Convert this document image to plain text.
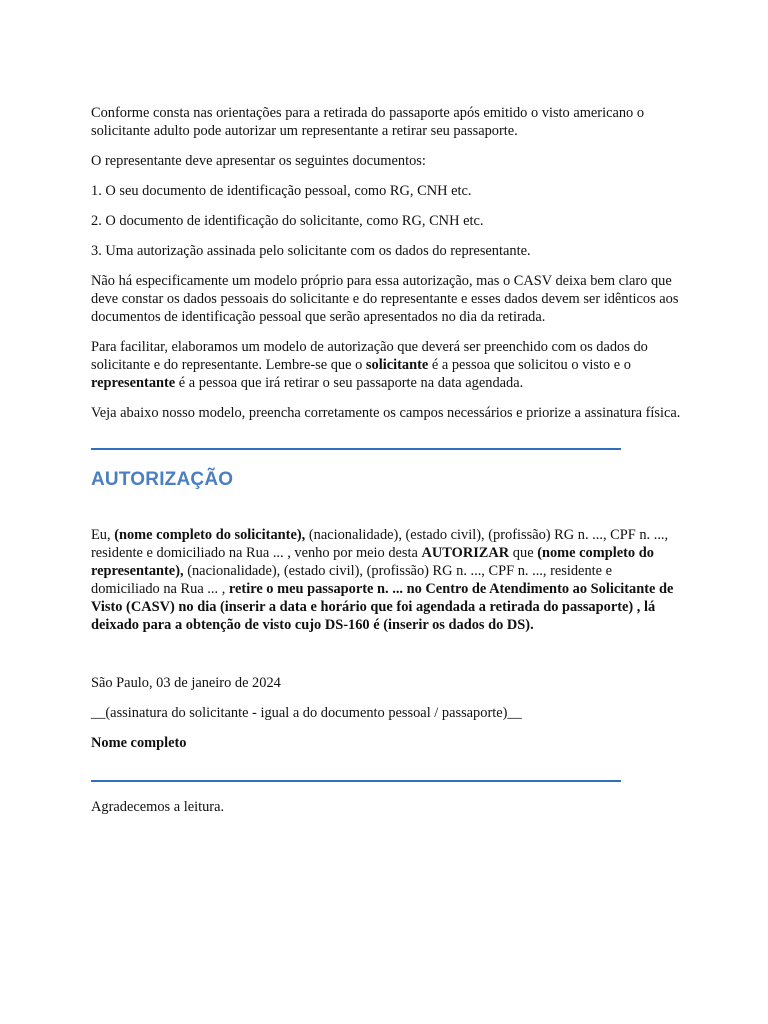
Conforme consta nas orientações para a retirada do passaporte após emitido o visto americano o solicitante adulto pode autorizar um representante a retirar seu passaporte.

O representante deve apresentar os seguintes documentos:

1. O seu documento de identificação pessoal, como RG, CNH etc.

2. O documento de identificação do solicitante, como RG, CNH etc.

3. Uma autorização assinada pelo solicitante com os dados do representante.

Não há especificamente um modelo próprio para essa autorização, mas o CASV deixa bem claro que deve constar os dados pessoais do solicitante e do representante e esses dados devem ser idênticos aos documentos de identificação pessoal que serão apresentados no dia da retirada.

Para facilitar, elaboramos um modelo de autorização que deverá ser preenchido com os dados do solicitante e do representante. Lembre-se que o solicitante é a pessoa que solicitou o visto e o representante é a pessoa que irá retirar o seu passaporte na data agendada.

Veja abaixo nosso modelo, preencha corretamente os campos necessários e priorize a assinatura física.

AUTORIZAÇÃO

Eu, (nome completo do solicitante), (nacionalidade), (estado civil), (profissão) RG n. ..., CPF n. ..., residente e domiciliado na Rua ... , venho por meio desta AUTORIZAR que (nome completo do representante), (nacionalidade), (estado civil), (profissão) RG n. ..., CPF n. ..., residente e domiciliado na Rua ... , retire o meu passaporte n. ... no Centro de Atendimento ao Solicitante de Visto (CASV) no dia (inserir a data e horário que foi agendada a retirada do passaporte) , lá deixado para a obtenção de visto cujo DS-160 é (inserir os dados do DS).

São Paulo, 03 de janeiro de 2024

__(assinatura do solicitante - igual a do documento pessoal / passaporte)__

Nome completo

Agradecemos a leitura.
